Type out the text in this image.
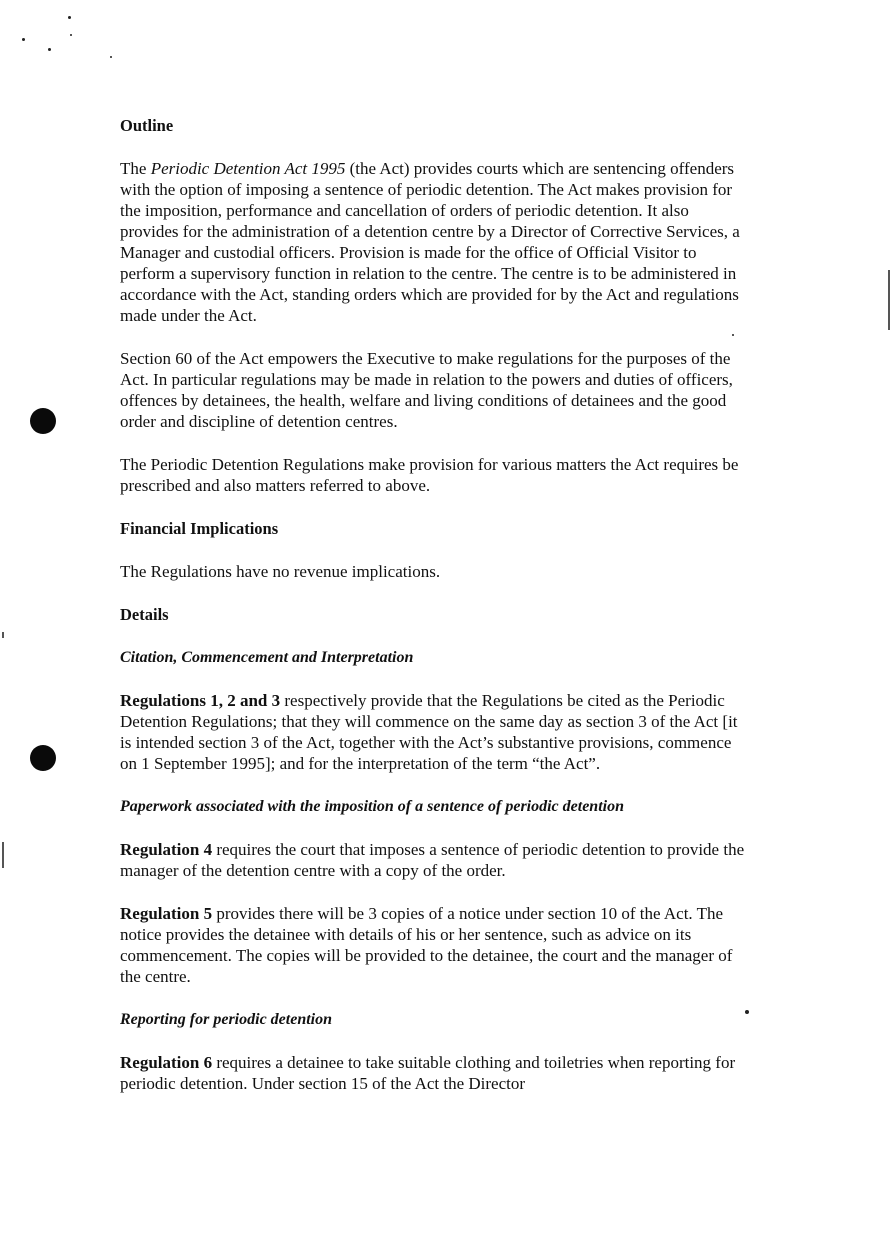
Outline

The Periodic Detention Act 1995 (the Act) provides courts which are sentencing offenders with the option of imposing a sentence of periodic detention. The Act makes provision for the imposition, performance and cancellation of orders of periodic detention. It also provides for the administration of a detention centre by a Director of Corrective Services, a Manager and custodial officers. Provision is made for the office of Official Visitor to perform a supervisory function in relation to the centre. The centre is to be administered in accordance with the Act, standing orders which are provided for by the Act and regulations made under the Act.

Section 60 of the Act empowers the Executive to make regulations for the purposes of the Act. In particular regulations may be made in relation to the powers and duties of officers, offences by detainees, the health, welfare and living conditions of detainees and the good order and discipline of detention centres.

The Periodic Detention Regulations make provision for various matters the Act requires be prescribed and also matters referred to above.

Financial Implications

The Regulations have no revenue implications.

Details
Citation, Commencement and Interpretation

Regulations 1, 2 and 3 respectively provide that the Regulations be cited as the Periodic Detention Regulations; that they will commence on the same day as section 3 of the Act [it is intended section 3 of the Act, together with the Act’s substantive provisions, commence on 1 September 1995]; and for the interpretation of the term “the Act”.

Paperwork associated with the imposition of a sentence of periodic detention

Regulation 4 requires the court that imposes a sentence of periodic detention to provide the manager of the detention centre with a copy of the order.

Regulation 5 provides there will be 3 copies of a notice under section 10 of the Act. The notice provides the detainee with details of his or her sentence, such as advice on its commencement. The copies will be provided to the detainee, the court and the manager of the centre.

Reporting for periodic detention

Regulation 6 requires a detainee to take suitable clothing and toiletries when reporting for periodic detention. Under section 15 of the Act the Director
